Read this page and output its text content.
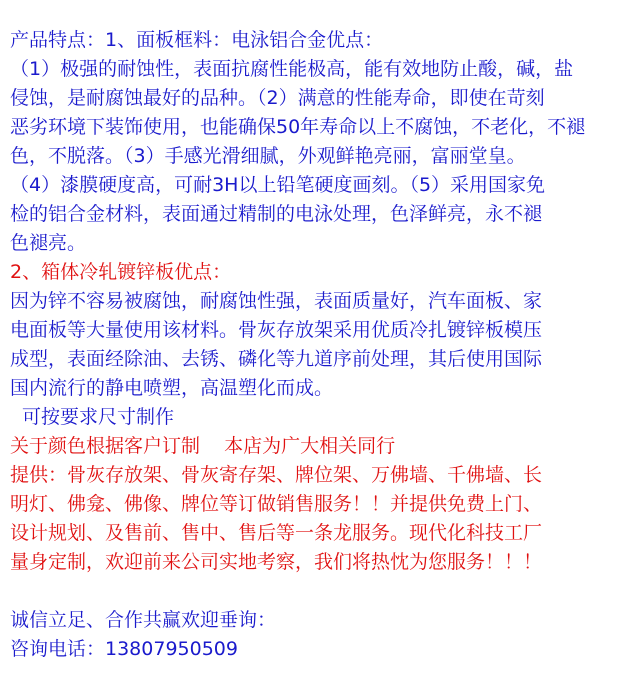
产品特点：1、面板框料：电泳铝合金优点：
（1）极强的耐蚀性，表面抗腐性能极高，能有效地防止酸，碱，盐
侵蚀，是耐腐蚀最好的品种。（2）满意的性能寿命，即使在苛刻
恶劣环境下装饰使用，也能确保50年寿命以上不腐蚀，不老化，不褪
色，不脱落。（3）手感光滑细腻，外观鲜艳亮丽，富丽堂皇。
（4）漆膜硬度高，可耐3H以上铅笔硬度画刻。（5）采用国家免
检的铝合金材料，表面通过精制的电泳处理，色泽鲜亮，永不褪
色褪亮。
2、箱体冷轧镀锌板优点：
因为锌不容易被腐蚀，耐腐蚀性强，表面质量好，汽车面板、家
电面板等大量使用该材料。骨灰存放架采用优质冷扎镀锌板模压
成型，表面经除油、去锈、磷化等九道序前处理，其后使用国际
国内流行的静电喷塑，高温塑化而成。
可按要求尺寸制作
关于颜色根据客户订制    本店为广大相关同行
提供：骨灰存放架、骨灰寄存架、牌位架、万佛墙、千佛墙、长
明灯、佛龛、佛像、牌位等订做销售服务！！并提供免费上门、
设计规划、及售前、售中、售后等一条龙服务。现代化科技工厂
量身定制，欢迎前来公司实地考察，我们将热忱为您服务！！！
诚信立足、合作共赢欢迎垂询：
咨询电话：13807950509
